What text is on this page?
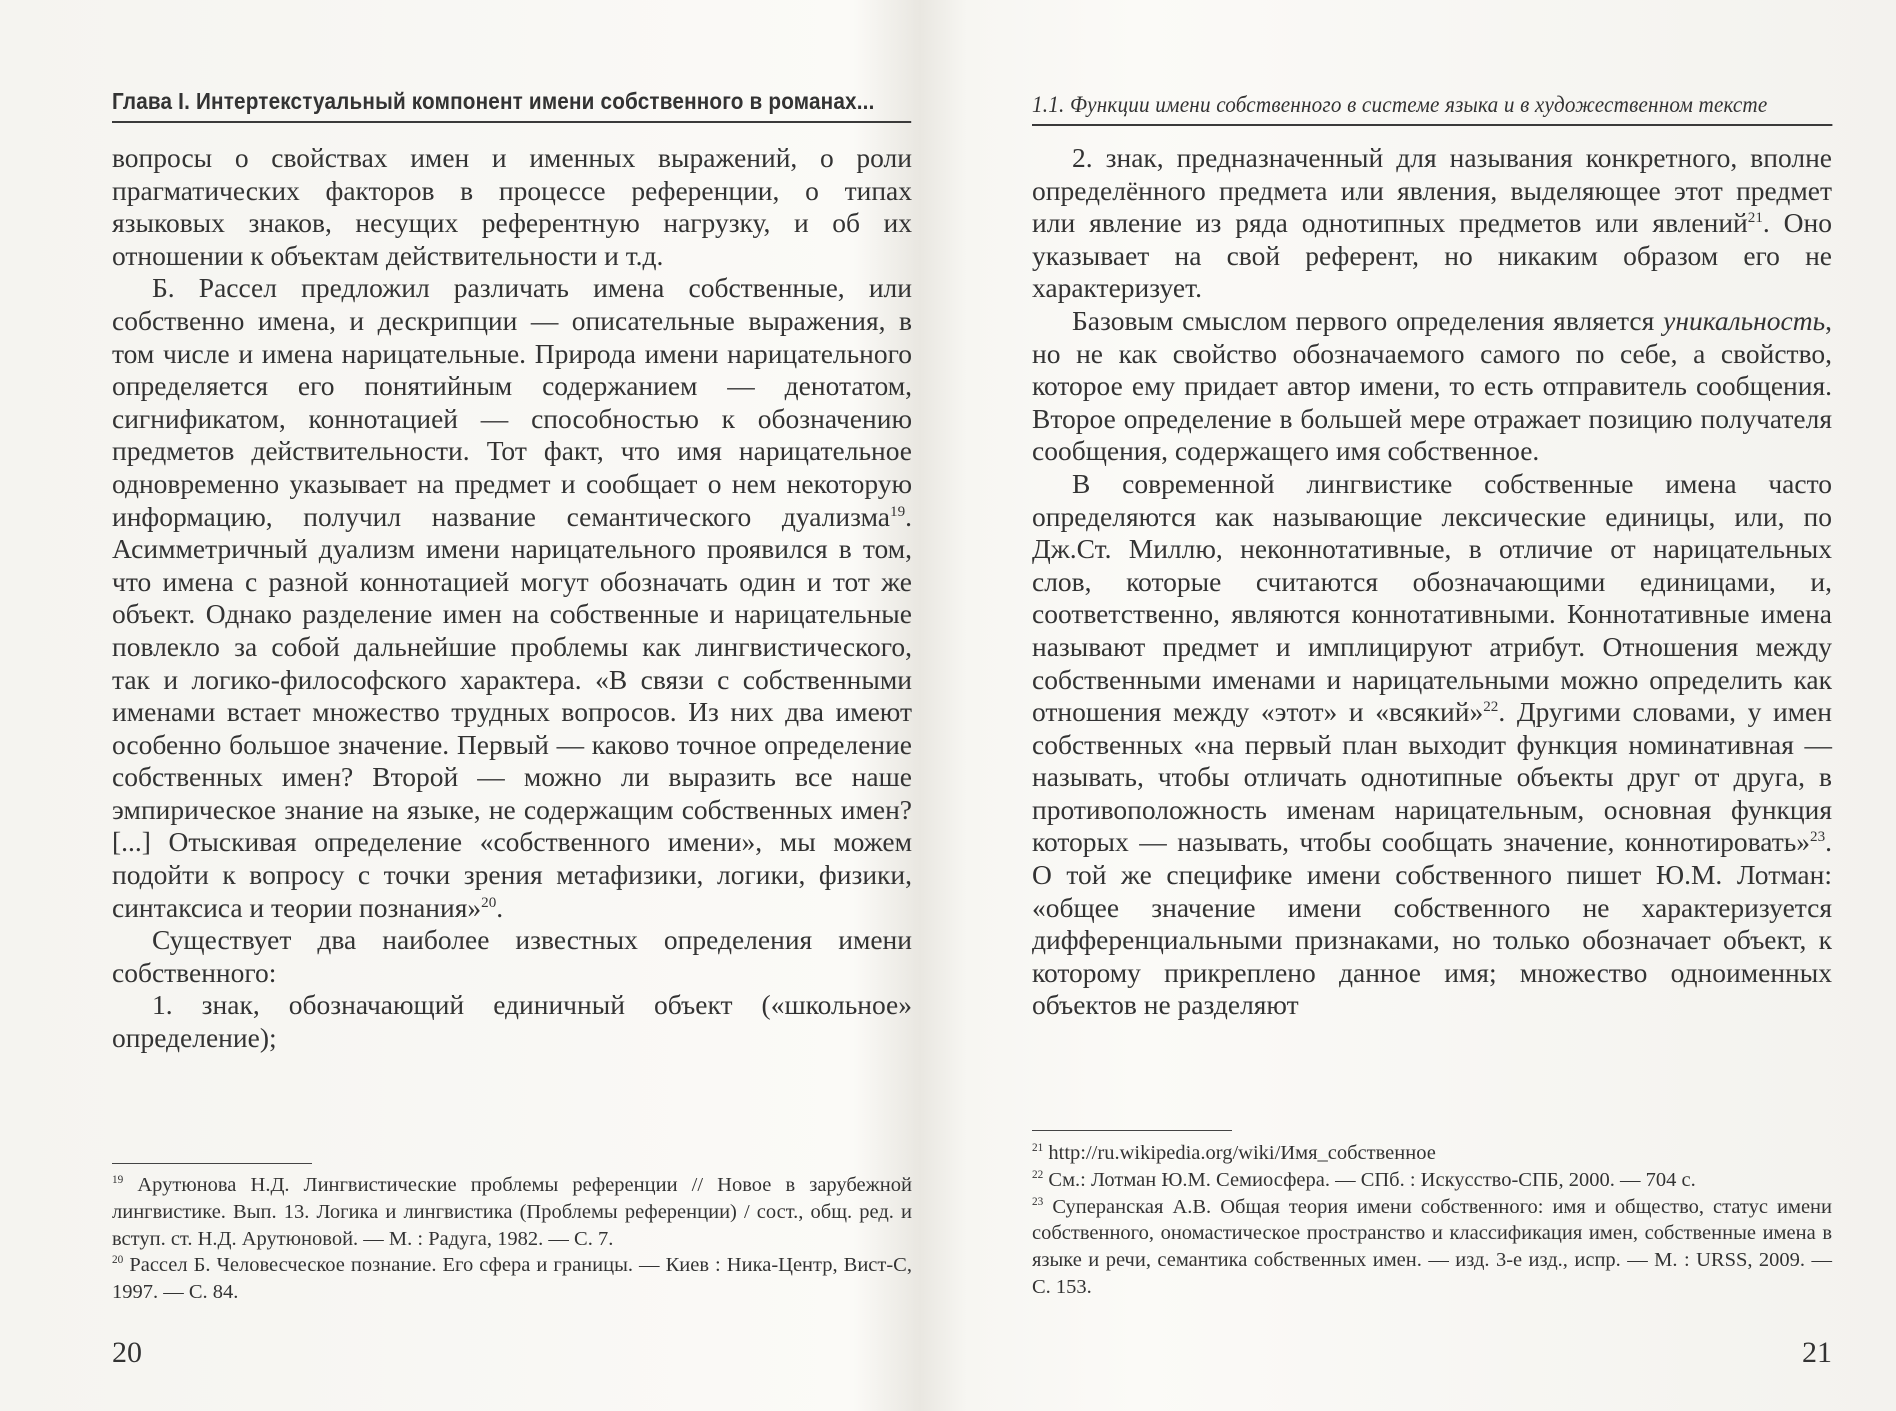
Глава I. Интертекстуальный компонент имени собственного в романах...

вопросы о свойствах имен и именных выражений, о роли прагматических факторов в процессе референции, о типах языковых знаков, несущих референтную нагрузку, и об их отношении к объектам действительности и т.д.

Б. Рассел предложил различать имена собственные, или собственно имена, и дескрипции — описательные выражения, в том числе и имена нарицательные. Природа имени нарицательного определяется его понятийным содержанием — денотатом, сигнификатом, коннотацией — способностью к обозначению предметов действительности. Тот факт, что имя нарицательное одновременно указывает на предмет и сообщает о нем некоторую информацию, получил название семантического дуализма$^{19}$. Асимметричный дуализм имени нарицательного проявился в том, что имена с разной коннотацией могут обозначать один и тот же объект. Однако разделение имен на собственные и нарицательные повлекло за собой дальнейшие проблемы как лингвистического, так и логико-философского характера. «В связи с собственными именами встает множество трудных вопросов. Из них два имеют особенно большое значение. Первый — каково точное определение собственных имен? Второй — можно ли выразить все наше эмпирическое знание на языке, не содержащим собственных имен? [...] Отыскивая определение «собственного имени», мы можем подойти к вопросу с точки зрения метафизики, логики, физики, синтаксиса и теории познания»$^{20}$.

Существует два наиболее известных определения имени собственного:

1. знак, обозначающий единичный объект («школьное» определение);

$^{19}$ Арутюнова Н.Д. Лингвистические проблемы референции // Новое в зарубежной лингвистике. Вып. 13. Логика и лингвистика (Проблемы референции) / сост., общ. ред. и вступ. ст. Н.Д. Арутюновой. — М. : Радуга, 1982. — С. 7.

$^{20}$ Рассел Б. Человесческое познание. Его сфера и границы. — Киев : Ника-Центр, Вист-С, 1997. — С. 84.

20
1.1. Функции имени собственного в системе языка и в художественном тексте

2. знак, предназначенный для называния конкретного, вполне определённого предмета или явления, выделяющее этот предмет или явление из ряда однотипных предметов или явлений$^{21}$. Оно указывает на свой референт, но никаким образом его не характеризует.

Базовым смыслом первого определения является уникальность, но не как свойство обозначаемого самого по себе, а свойство, которое ему придает автор имени, то есть отправитель сообщения. Второе определение в большей мере отражает позицию получателя сообщения, содержащего имя собственное.

В современной лингвистике собственные имена часто определяются как называющие лексические единицы, или, по Дж.Ст. Миллю, неконнотативные, в отличие от нарицательных слов, которые считаются обозначающими единицами, и, соответственно, являются коннотативными. Коннотативные имена называют предмет и имплицируют атрибут. Отношения между собственными именами и нарицательными можно определить как отношения между «этот» и «всякий»$^{22}$. Другими словами, у имен собственных «на первый план выходит функция номинативная — называть, чтобы отличать однотипные объекты друг от друга, в противоположность именам нарицательным, основная функция которых — называть, чтобы сообщать значение, коннотировать»$^{23}$. О той же специфике имени собственного пишет Ю.М. Лотман: «общее значение имени собственного не характеризуется дифференциальными признаками, но только обозначает объект, к которому прикреплено данное имя; множество одноименных объектов не разделяют

$^{21}$ http://ru.wikipedia.org/wiki/Имя_собственное

$^{22}$ См.: Лотман Ю.М. Семиосфера. — СПб. : Искусство-СПБ, 2000. — 704 с.

$^{23}$ Суперанская А.В. Общая теория имени собственного: имя и общество, статус имени собственного, ономастическое пространство и классификация имен, собственные имена в языке и речи, семантика собственных имен. — изд. 3-е изд., испр. — М. : URSS, 2009. — С. 153.

21
